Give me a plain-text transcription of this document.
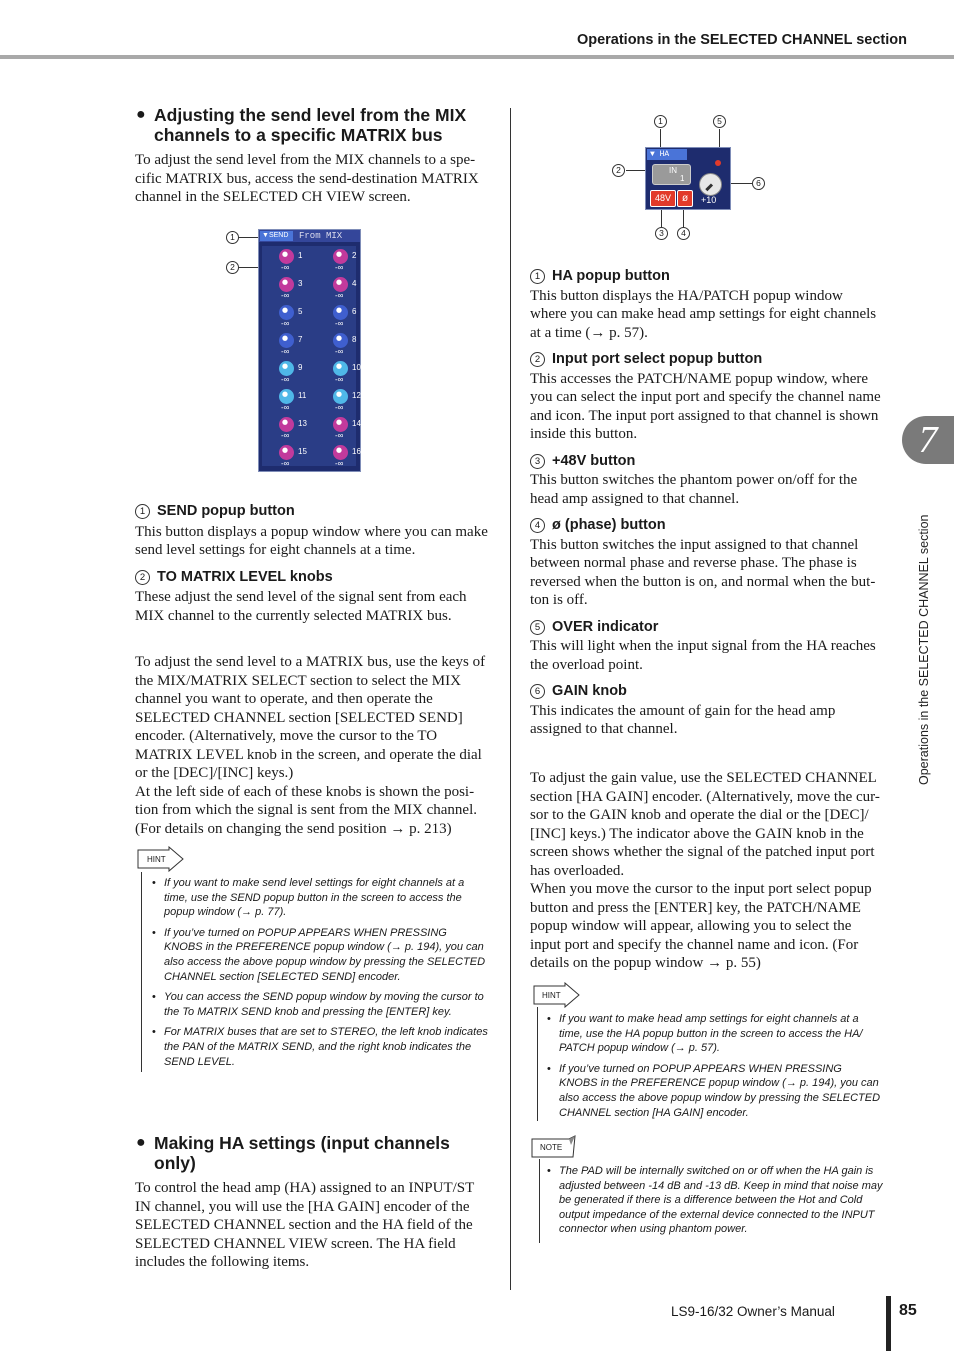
Operations in the SELECTED CHANNEL section
● Adjusting the send level from the MIX
channels to a specific MATRIX bus
To adjust the send level from the MIX channels to a spe-
cific MATRIX bus, access the send-destination MATRIX
channel in the SELECTED CH VIEW screen.
1
2
▼SEND	From MIX
1
-∞
2
-∞
3
-∞
4
-∞
5
-∞
6
-∞
7
-∞
8
-∞
9
-∞
10
-∞
11
-∞
12
-∞
13
-∞
14
-∞
15
-∞
16
-∞
1 SEND popup button
This button displays a popup window where you can make
send level settings for eight channels at a time.
2 TO MATRIX LEVEL knobs
These adjust the send level of the signal sent from each
MIX channel to the currently selected MATRIX bus.
To adjust the send level to a MATRIX bus, use the keys of
the MIX/MATRIX SELECT section to select the MIX
channel you want to operate, and then operate the
SELECTED CHANNEL section [SELECTED SEND]
encoder. (Alternatively, move the cursor to the TO
MATRIX LEVEL knob in the screen, and operate the dial
or the [DEC]/[INC] keys.)
At the left side of each of these knobs is shown the posi-
tion from which the signal is sent from the MIX channel.
(For details on changing the send position → p. 213)
HINT
• If you want to make send level settings for eight channels at a
time, use the SEND popup button in the screen to access the
popup window (→ p. 77).
• If you’ve turned on POPUP APPEARS WHEN PRESSING
KNOBS in the PREFERENCE popup window (→ p. 194), you can
also access the above popup window by pressing the SELECTED
CHANNEL section [SELECTED SEND] encoder.
• You can access the SEND popup window by moving the cursor to
the To MATRIX SEND knob and pressing the [ENTER] key.
• For MATRIX buses that are set to STEREO, the left knob indicates
the PAN of the MATRIX SEND, and the right knob indicates the
SEND LEVEL.
● Making HA settings (input channels
only)
To control the head amp (HA) assigned to an INPUT/ST
IN channel, you will use the [HA GAIN] encoder of the
SELECTED CHANNEL section and the HA field of the
SELECTED CHANNEL VIEW screen. The HA field
includes the following items.
1	5
2
6
3	4
▼ HA
IN
1
48V	ø	+10
1 HA popup button
This button displays the HA/PATCH popup window
where you can make head amp settings for eight channels
at a time (→ p. 57).
2 Input port select popup button
This accesses the PATCH/NAME popup window, where
you can select the input port and specify the channel name
and icon. The input port assigned to that channel is shown
inside this button.
3 +48V button
This button switches the phantom power on/off for the
head amp assigned to that channel.
4 ø (phase) button
This button switches the input assigned to that channel
between normal phase and reverse phase. The phase is
reversed when the button is on, and normal when the but-
ton is off.
5 OVER indicator
This will light when the input signal from the HA reaches
the overload point.
6 GAIN knob
This indicates the amount of gain for the head amp
assigned to that channel.
To adjust the gain value, use the SELECTED CHANNEL
section [HA GAIN] encoder. (Alternatively, move the cur-
sor to the GAIN knob and operate the dial or the [DEC]/
[INC] keys.) The indicator above the GAIN knob in the
screen shows whether the signal of the patched input port
has overloaded.
When you move the cursor to the input port select popup
button and press the [ENTER] key, the PATCH/NAME
popup window will appear, allowing you to select the
input port and specify the channel name and icon. (For
details on the popup window → p. 55)
HINT
• If you want to make head amp settings for eight channels at a
time, use the HA popup button in the screen to access the HA/
PATCH popup window (→ p. 57).
• If you’ve turned on POPUP APPEARS WHEN PRESSING
KNOBS in the PREFERENCE popup window (→ p. 194), you can
also access the above popup window by pressing the SELECTED
CHANNEL section [HA GAIN] encoder.
NOTE
• The PAD will be internally switched on or off when the HA gain is
adjusted between -14 dB and -13 dB. Keep in mind that noise may
be generated if there is a difference between the Hot and Cold
output impedance of the external device connected to the INPUT
connector when using phantom power.
7
Operations in the SELECTED CHANNEL section
LS9-16/32 Owner’s Manual	85
